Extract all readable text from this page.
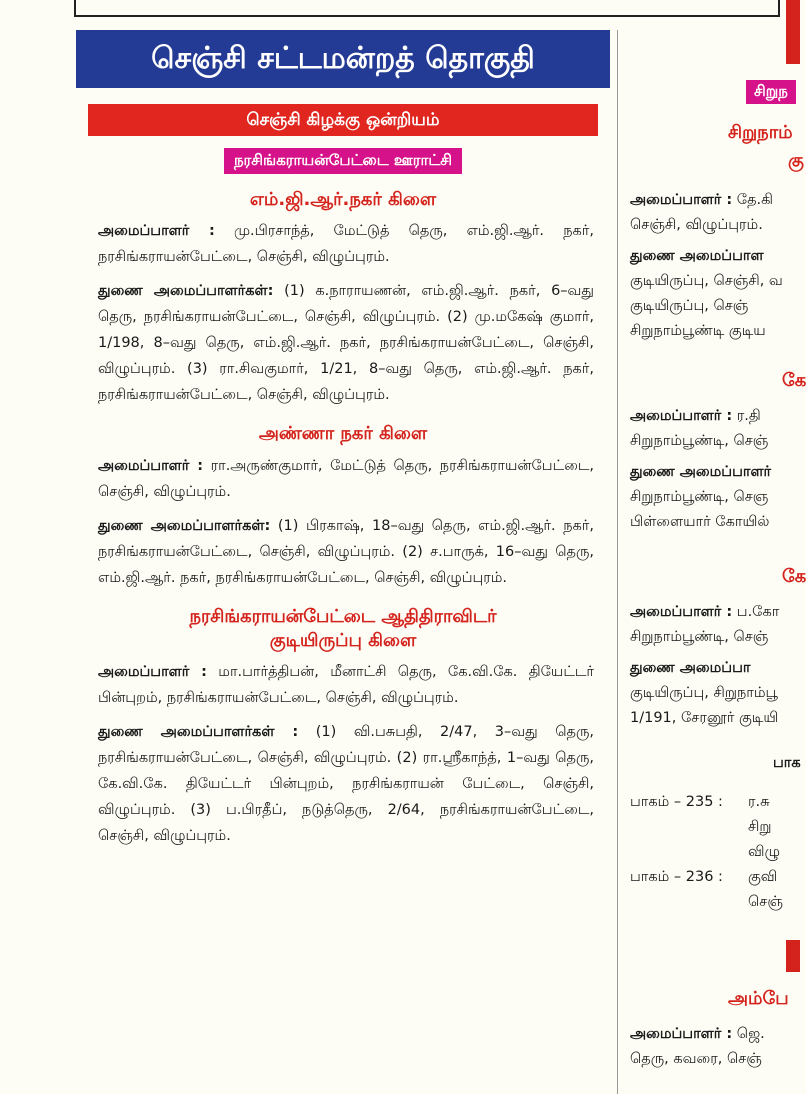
செஞ்சி சட்டமன்றத் தொகுதி
செஞ்சி கிழக்கு ஒன்றியம்
நரசிங்கராயன்பேட்டை ஊராட்சி
எம்.ஜி.ஆர்.நகர் கிளை

அமைப்பாளர் : மு.பிரசாந்த், மேட்டுத் தெரு, எம்.ஜி.ஆர். நகர், நரசிங்கராயன்பேட்டை, செஞ்சி, விழுப்புரம்.

துணை அமைப்பாளர்கள்: (1) க.நாராயணன், எம்.ஜி.ஆர். நகர், 6–வது தெரு, நரசிங்கராயன்பேட்டை, செஞ்சி, விழுப்புரம். (2) மு.மகேஷ் குமார், 1/198, 8–வது தெரு, எம்.ஜி.ஆர். நகர், நரசிங்கராயன்பேட்டை, செஞ்சி, விழுப்புரம். (3) ரா.சிவகுமார், 1/21, 8–வது தெரு, எம்.ஜி.ஆர். நகர், நரசிங்கராயன்பேட்டை, செஞ்சி, விழுப்புரம்.

அண்ணா நகர் கிளை

அமைப்பாளர் : ரா.அருண்குமார், மேட்டுத் தெரு, நரசிங்கராயன்பேட்டை, செஞ்சி, விழுப்புரம்.

துணை அமைப்பாளர்கள்: (1) பிரகாஷ், 18–வது தெரு, எம்.ஜி.ஆர். நகர், நரசிங்கராயன்பேட்டை, செஞ்சி, விழுப்புரம். (2) ச.பாருக், 16–வது தெரு, எம்.ஜி.ஆர். நகர், நரசிங்கராயன்பேட்டை, செஞ்சி, விழுப்புரம்.

நரசிங்கராயன்பேட்டை ஆதிதிராவிடர்
குடியிருப்பு கிளை

அமைப்பாளர் : மா.பார்த்திபன், மீனாட்சி தெரு, கே.வி.கே. தியேட்டர் பின்புறம், நரசிங்கராயன்பேட்டை, செஞ்சி, விழுப்புரம்.

துணை அமைப்பாளர்கள் : (1) வி.பசுபதி, 2/47, 3–வது தெரு, நரசிங்கராயன்பேட்டை, செஞ்சி, விழுப்புரம். (2) ரா.ஸ்ரீகாந்த், 1–வது தெரு, கே.வி.கே. தியேட்டர் பின்புறம், நரசிங்கராயன் பேட்டை, செஞ்சி, விழுப்புரம். (3) ப.பிரதீப், நடுத்தெரு, 2/64, நரசிங்கராயன்பேட்டை, செஞ்சி, விழுப்புரம்.

சிறுந
சிறுநாம்
கு

அமைப்பாளர் : தே.கி

செஞ்சி, விழுப்புரம்.

துணை அமைப்பாள

குடியிருப்பு, செஞ்சி, வ

குடியிருப்பு, செஞ்

சிறுநாம்பூண்டி குடிய

கே

அமைப்பாளர் : ர.தி

சிறுநாம்பூண்டி, செஞ்

துணை அமைப்பாளர்

சிறுநாம்பூண்டி, செஞ

பிள்ளையார் கோயில்

கே

அமைப்பாளர் : ப.கோ

சிறுநாம்பூண்டி, செஞ்

துணை அமைப்பா

குடியிருப்பு, சிறுநாம்பூ

1/191, சேரனூர் குடியி

பாக
பாகம் – 235 :	ர.சு
சிறு
விழு
பாகம் – 236 :	குவி
செஞ்
அம்பே

அமைப்பாளர் : ஜெ.

தெரு, கவரை, செஞ்
